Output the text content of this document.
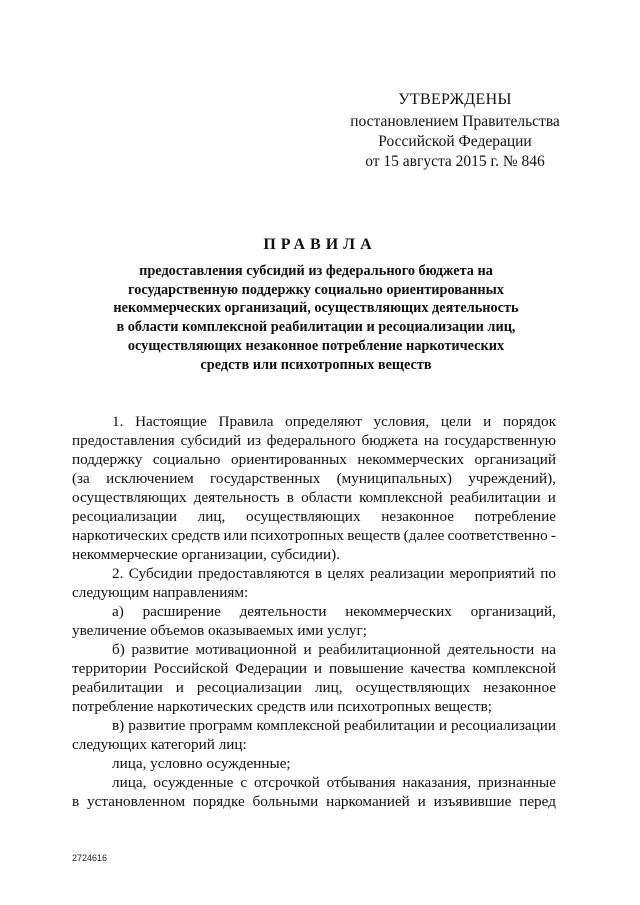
УТВЕРЖДЕНЫ
постановлением Правительства
Российской Федерации
от 15 августа 2015 г. № 846
ПРАВИЛА
предоставления субсидий из федерального бюджета на
государственную поддержку социально ориентированных
некоммерческих организаций, осуществляющих деятельность
в области комплексной реабилитации и ресоциализации лиц,
осуществляющих незаконное потребление наркотических
средств или психотропных веществ
1. Настоящие Правила определяют условия, цели и порядок
предоставления субсидий из федерального бюджета на государственную
поддержку социально ориентированных некоммерческих организаций
(за исключением государственных (муниципальных) учреждений),
осуществляющих деятельность в области комплексной реабилитации и
ресоциализации лиц, осуществляющих незаконное потребление
наркотических средств или психотропных веществ (далее соответственно -
некоммерческие организации, субсидии).
2. Субсидии предоставляются в целях реализации мероприятий по
следующим направлениям:
а) расширение деятельности некоммерческих организаций,
увеличение объемов оказываемых ими услуг;
б) развитие мотивационной и реабилитационной деятельности на
территории Российской Федерации и повышение качества комплексной
реабилитации и ресоциализации лиц, осуществляющих незаконное
потребление наркотических средств или психотропных веществ;
в) развитие программ комплексной реабилитации и ресоциализации
следующих категорий лиц:
лица, условно осужденные;
лица, осужденные с отсрочкой отбывания наказания, признанные
в установленном порядке больными наркоманией и изъявившие перед
2724616
